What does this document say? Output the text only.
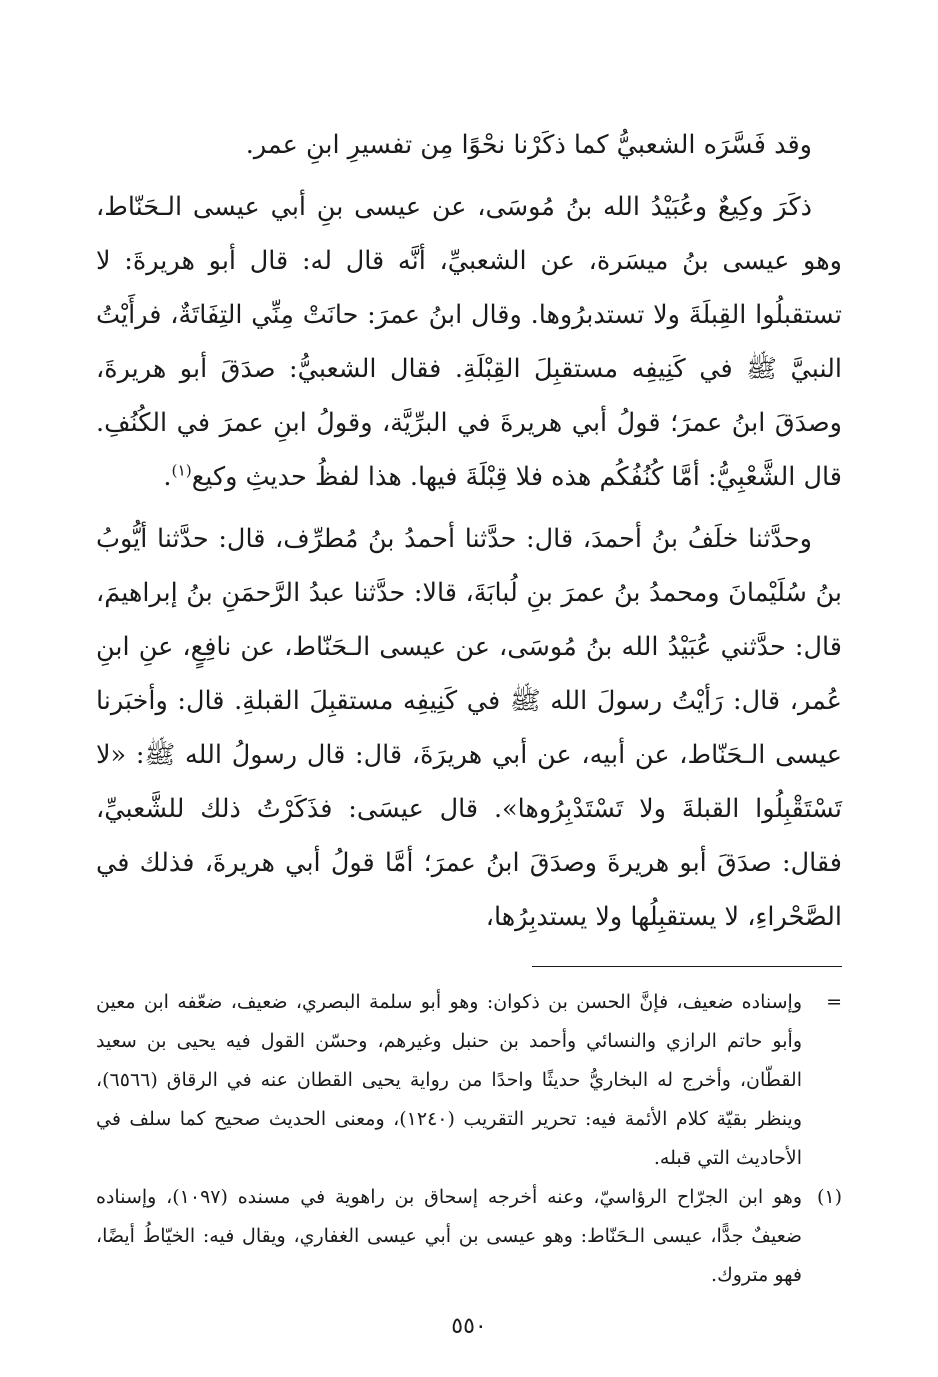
وقد فَسَّرَه الشعبيُّ كما ذكَرْنا نحْوًا مِن تفسيرِ ابنِ عمر.

ذكَرَ وكِيعٌ وعُبَيْدُ الله بنُ مُوسَى، عن عيسى بنِ أبي عيسى الـحَنّاط، وهو عيسى بنُ ميسَرة، عن الشعبيِّ، أنَّه قال له: قال أبو هريرةَ: لا تستقبلُوا القِبلَةَ ولا تستدبرُوها. وقال ابنُ عمرَ: حانَتْ مِنِّي التِفَاتَةٌ، فرأَيْتُ النبيَّ ﷺ في كَنِيفِه مستقبِلَ القِبْلَةِ. فقال الشعبيُّ: صدَقَ أبو هريرةَ، وصدَقَ ابنُ عمرَ؛ قولُ أبي هريرةَ في البرِّيَّة، وقولُ ابنِ عمرَ في الكُنُفِ. قال الشَّعْبِيُّ: أمَّا كُنُفُكُم هذه فلا قِبْلَةَ فيها. هذا لفظُ حديثِ وكيع$^{(١)}$.

وحدَّثنا خلَفُ بنُ أحمدَ، قال: حدَّثنا أحمدُ بنُ مُطرِّف، قال: حدَّثنا أيُّوبُ بنُ سُلَيْمانَ ومحمدُ بنُ عمرَ بنِ لُبابَةَ، قالا: حدَّثنا عبدُ الرَّحمَنِ بنُ إبراهيمَ، قال: حدَّثني عُبَيْدُ الله بنُ مُوسَى، عن عيسى الـحَنّاط، عن نافِعٍ، عنِ ابنِ عُمر، قال: رَأيْتُ رسولَ الله ﷺ في كَنِيفِه مستقبِلَ القبلةِ. قال: وأخبَرنا عيسى الـحَنّاط، عن أبيه، عن أبي هريرَةَ، قال: قال رسولُ الله ﷺ: «لا تَسْتَقْبِلُوا القبلةَ ولا تَسْتَدْبِرُوها». قال عيسَى: فذَكَرْتُ ذلك للشَّعبيِّ، فقال: صدَقَ أبو هريرةَ وصدَقَ ابنُ عمرَ؛ أمَّا قولُ أبي هريرةَ، فذلك في الصَّحْراءِ، لا يستقبِلُها ولا يستدبِرُها،

=
وإسناده ضعيف، فإنَّ الحسن بن ذكوان: وهو أبو سلمة البصري، ضعيف، ضعّفه ابن معين وأبو حاتم الرازي والنسائي وأحمد بن حنبل وغيرهم، وحسّن القول فيه يحيى بن سعيد القطّان، وأخرج له البخاريُّ حديثًا واحدًا من رواية يحيى القطان عنه في الرقاق (٦٥٦٦)، وينظر بقيّة كلام الأئمة فيه: تحرير التقريب (١٢٤٠)، ومعنى الحديث صحيح كما سلف في الأحاديث التي قبله.
(١)
وهو ابن الجرّاح الرؤاسيّ، وعنه أخرجه إسحاق بن راهوية في مسنده (١٠٩٧)، وإسناده ضعيفٌ جدًّا، عيسى الـحَنّاط: وهو عيسى بن أبي عيسى الغفاري، ويقال فيه: الخيّاطُ أيضًا، فهو متروك.
٥٥٠
